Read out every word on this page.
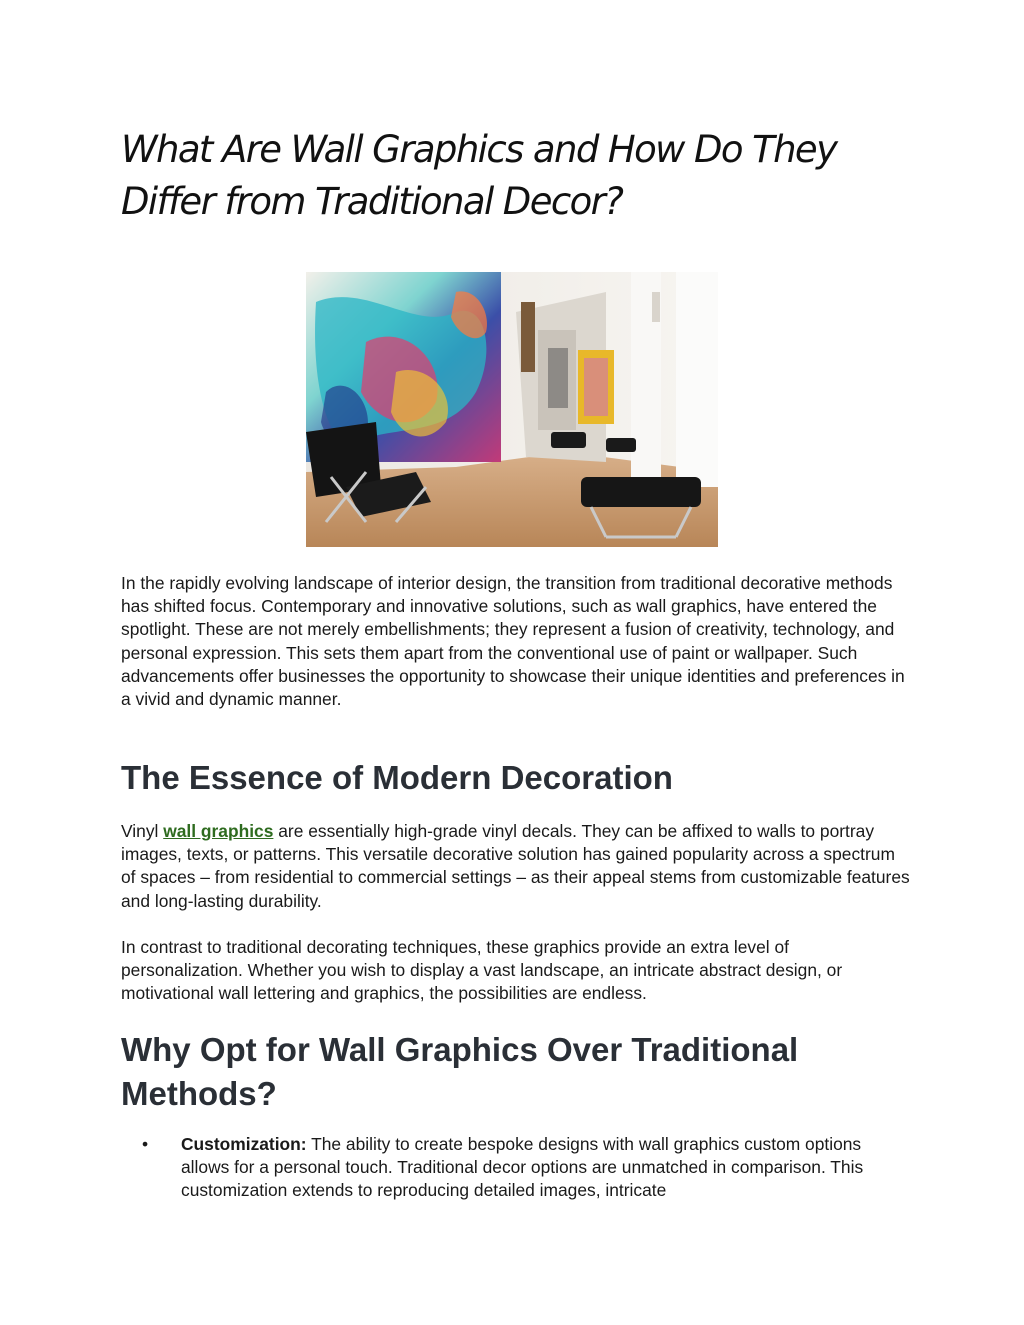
What Are Wall Graphics and How Do They Differ from Traditional Decor?

In the rapidly evolving landscape of interior design, the transition from traditional decorative methods has shifted focus. Contemporary and innovative solutions, such as wall graphics, have entered the spotlight. These are not merely embellishments; they represent a fusion of creativity, technology, and personal expression. This sets them apart from the conventional use of paint or wallpaper. Such advancements offer businesses the opportunity to showcase their unique identities and preferences in a vivid and dynamic manner.

The Essence of Modern Decoration

Vinyl wall graphics are essentially high-grade vinyl decals. They can be affixed to walls to portray images, texts, or patterns. This versatile decorative solution has gained popularity across a spectrum of spaces – from residential to commercial settings – as their appeal stems from customizable features and long-lasting durability.

In contrast to traditional decorating techniques, these graphics provide an extra level of personalization. Whether you wish to display a vast landscape, an intricate abstract design, or motivational wall lettering and graphics, the possibilities are endless.

Why Opt for Wall Graphics Over Traditional Methods?
• Customization: The ability to create bespoke designs with wall graphics custom options allows for a personal touch. Traditional decor options are unmatched in comparison. This customization extends to reproducing detailed images, intricate
